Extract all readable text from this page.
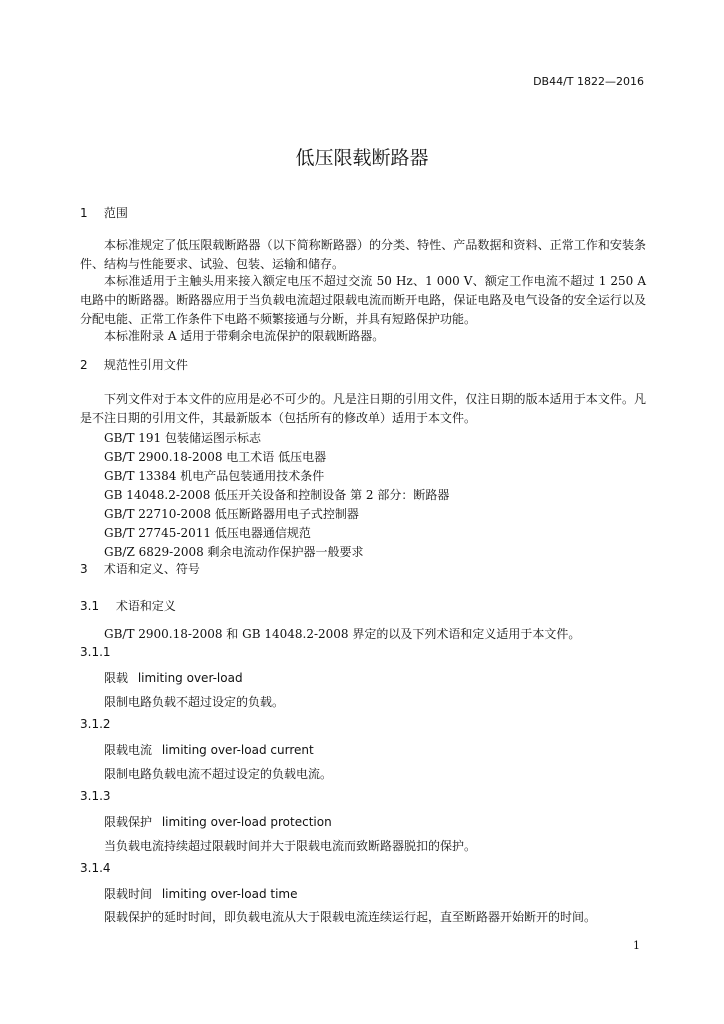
DB44/T 1822—2016
低压限载断路器
1 范围
本标准规定了低压限载断路器（以下简称断路器）的分类、特性、产品数据和资料、正常工作和安装条件、结构与性能要求、试验、包装、运输和储存。
本标准适用于主触头用来接入额定电压不超过交流 50 Hz、1 000 V、额定工作电流不超过 1 250 A 电路中的断路器。断路器应用于当负载电流超过限载电流而断开电路，保证电路及电气设备的安全运行以及分配电能、正常工作条件下电路不频繁接通与分断，并具有短路保护功能。
本标准附录 A 适用于带剩余电流保护的限载断路器。
2 规范性引用文件
下列文件对于本文件的应用是必不可少的。凡是注日期的引用文件，仅注日期的版本适用于本文件。凡是不注日期的引用文件，其最新版本（包括所有的修改单）适用于本文件。
GB/T 191 包装储运图示标志
GB/T 2900.18-2008 电工术语 低压电器
GB/T 13384 机电产品包装通用技术条件
GB 14048.2-2008 低压开关设备和控制设备 第 2 部分：断路器
GB/T 22710-2008 低压断路器用电子式控制器
GB/T 27745-2011 低压电器通信规范
GB/Z 6829-2008 剩余电流动作保护器一般要求
3 术语和定义、符号
3.1 术语和定义
GB/T 2900.18-2008 和 GB 14048.2-2008 界定的以及下列术语和定义适用于本文件。
3.1.1
限载 limiting over-load
限制电路负载不超过设定的负载。
3.1.2
限载电流 limiting over-load current
限制电路负载电流不超过设定的负载电流。
3.1.3
限载保护 limiting over-load protection
当负载电流持续超过限载时间并大于限载电流而致断路器脱扣的保护。
3.1.4
限载时间 limiting over-load time
限载保护的延时时间，即负载电流从大于限载电流连续运行起，直至断路器开始断开的时间。
1
